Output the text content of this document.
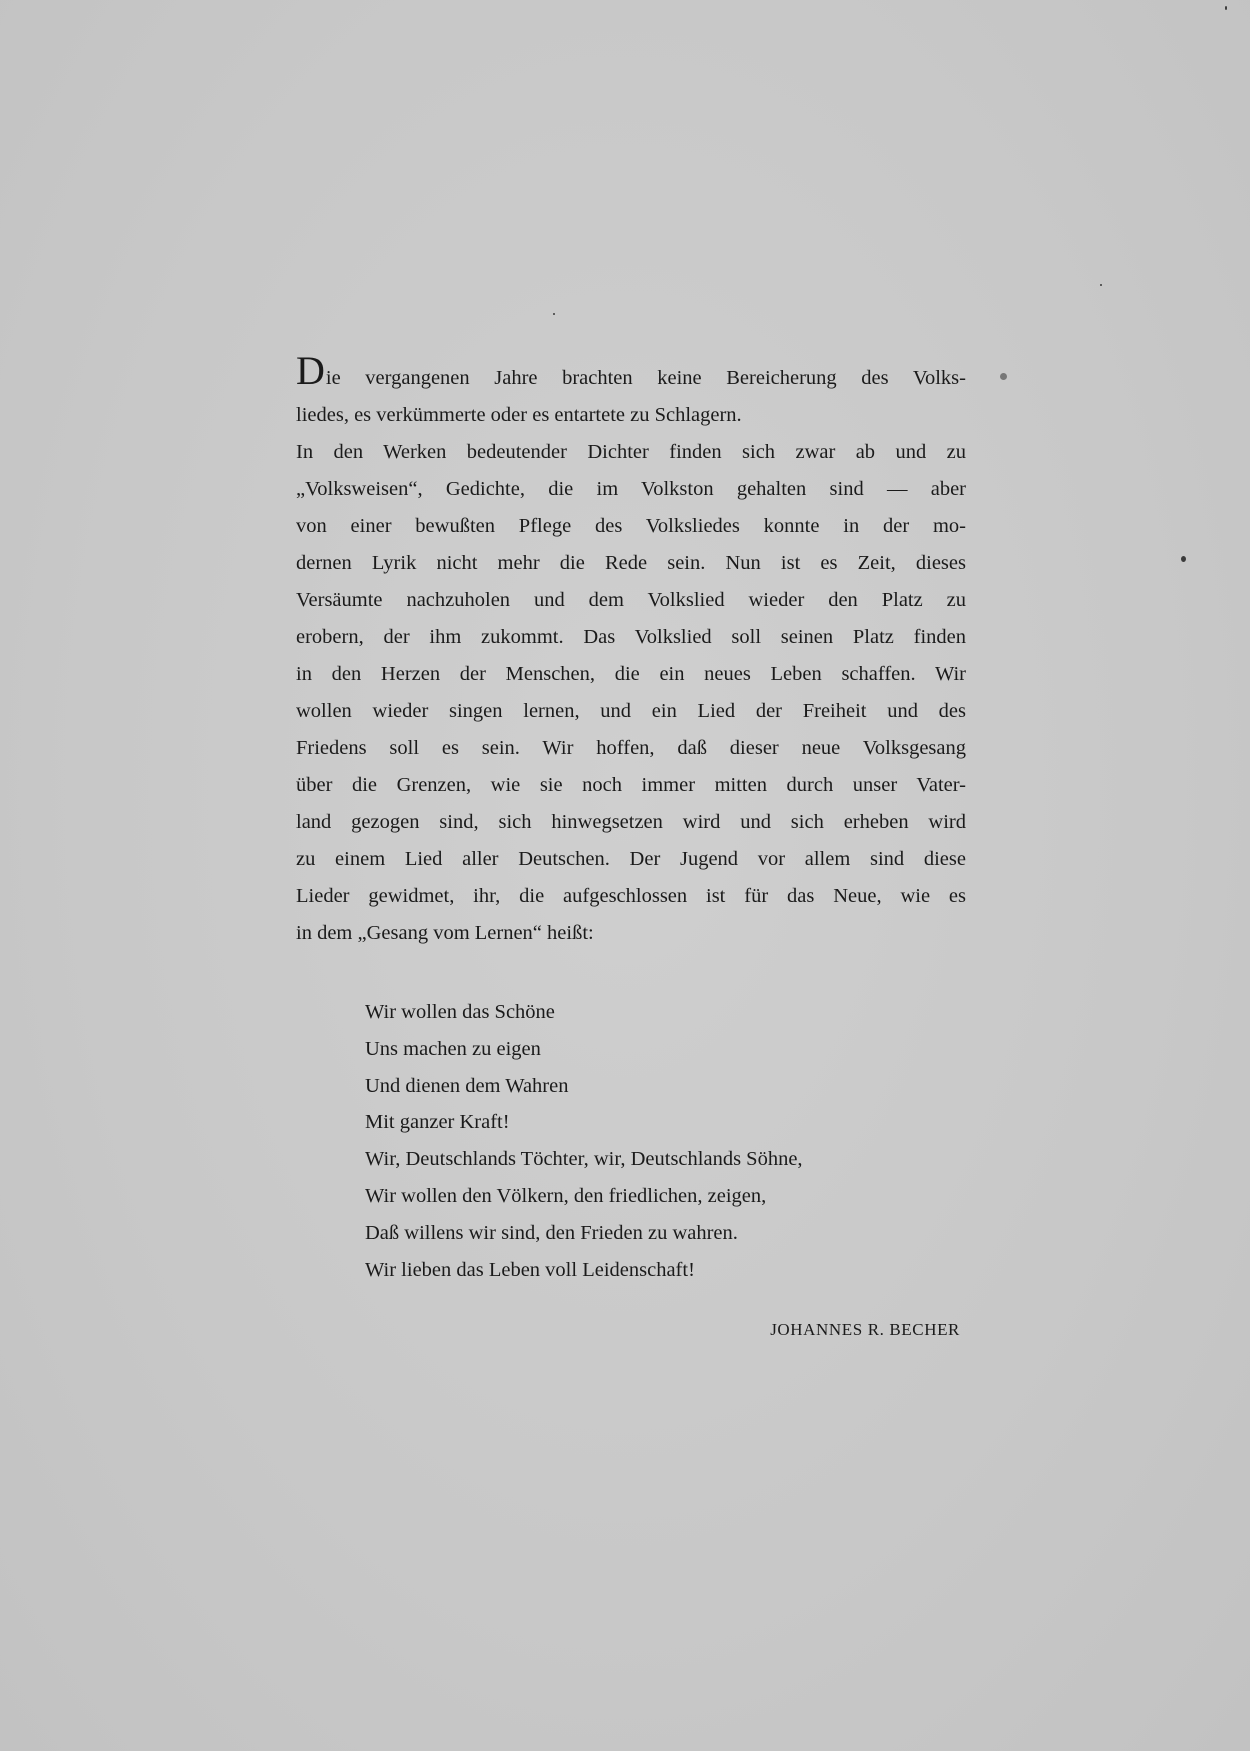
Die vergangenen Jahre brachten keine Bereicherung des Volks-
liedes, es verkümmerte oder es entartete zu Schlagern.
In den Werken bedeutender Dichter finden sich zwar ab und zu
„Volksweisen“, Gedichte, die im Volkston gehalten sind — aber
von einer bewußten Pflege des Volksliedes konnte in der mo-
dernen Lyrik nicht mehr die Rede sein. Nun ist es Zeit, dieses
Versäumte nachzuholen und dem Volkslied wieder den Platz zu
erobern, der ihm zukommt. Das Volkslied soll seinen Platz finden
in den Herzen der Menschen, die ein neues Leben schaffen. Wir
wollen wieder singen lernen, und ein Lied der Freiheit und des
Friedens soll es sein. Wir hoffen, daß dieser neue Volksgesang
über die Grenzen, wie sie noch immer mitten durch unser Vater-
land gezogen sind, sich hinwegsetzen wird und sich erheben wird
zu einem Lied aller Deutschen. Der Jugend vor allem sind diese
Lieder gewidmet, ihr, die aufgeschlossen ist für das Neue, wie es
in dem „Gesang vom Lernen“ heißt:
Wir wollen das Schöne
Uns machen zu eigen
Und dienen dem Wahren
Mit ganzer Kraft!
Wir, Deutschlands Töchter, wir, Deutschlands Söhne,
Wir wollen den Völkern, den friedlichen, zeigen,
Daß willens wir sind, den Frieden zu wahren.
Wir lieben das Leben voll Leidenschaft!
JOHANNES R. BECHER
